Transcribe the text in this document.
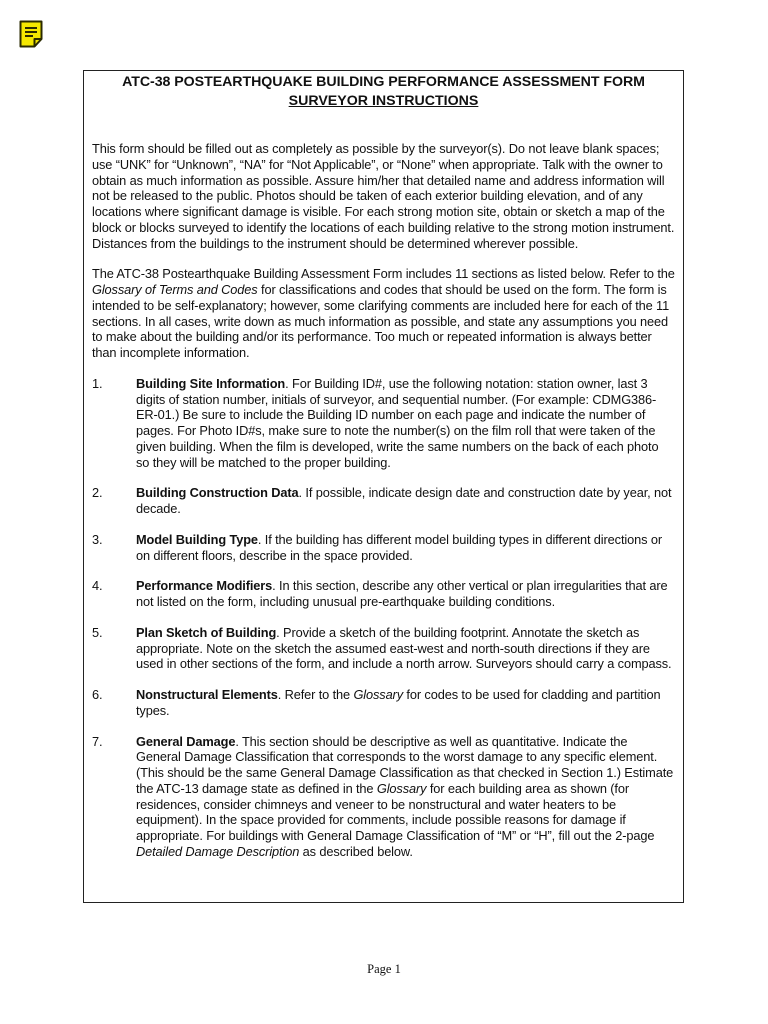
ATC-38 POSTEARTHQUAKE BUILDING PERFORMANCE ASSESSMENT FORM
SURVEYOR INSTRUCTIONS

This form should be filled out as completely as possible by the surveyor(s). Do not leave blank spaces; use “UNK” for “Unknown”, “NA” for “Not Applicable”, or “None” when appropriate. Talk with the owner to obtain as much information as possible. Assure him/her that detailed name and address information will not be released to the public. Photos should be taken of each exterior building elevation, and of any locations where significant damage is visible. For each strong motion site, obtain or sketch a map of the block or blocks surveyed to identify the locations of each building relative to the strong motion instrument. Distances from the buildings to the instrument should be determined wherever possible.

The ATC-38 Postearthquake Building Assessment Form includes 11 sections as listed below. Refer to the Glossary of Terms and Codes for classifications and codes that should be used on the form. The form is intended to be self-explanatory; however, some clarifying comments are included here for each of the 11 sections. In all cases, write down as much information as possible, and state any assumptions you need to make about the building and/or its performance. Too much or repeated information is always better than incomplete information.

1.	Building Site Information. For Building ID#, use the following notation: station owner, last 3 digits of station number, initials of surveyor, and sequential number. (For example: CDMG386-ER-01.) Be sure to include the Building ID number on each page and indicate the number of pages. For Photo ID#s, make sure to note the number(s) on the film roll that were taken of the given building. When the film is developed, write the same numbers on the back of each photo so they will be matched to the proper building.
2.	Building Construction Data. If possible, indicate design date and construction date by year, not decade.
3.	Model Building Type. If the building has different model building types in different directions or on different floors, describe in the space provided.
4.	Performance Modifiers. In this section, describe any other vertical or plan irregularities that are not listed on the form, including unusual pre-earthquake building conditions.
5.	Plan Sketch of Building. Provide a sketch of the building footprint. Annotate the sketch as appropriate. Note on the sketch the assumed east-west and north-south directions if they are used in other sections of the form, and include a north arrow. Surveyors should carry a compass.
6.	Nonstructural Elements. Refer to the Glossary for codes to be used for cladding and partition types.
7.	General Damage. This section should be descriptive as well as quantitative. Indicate the General Damage Classification that corresponds to the worst damage to any specific element. (This should be the same General Damage Classification as that checked in Section 1.) Estimate the ATC-13 damage state as defined in the Glossary for each building area as shown (for residences, consider chimneys and veneer to be nonstructural and water heaters to be equipment). In the space provided for comments, include possible reasons for damage if appropriate. For buildings with General Damage Classification of “M” or “H”, fill out the 2-page Detailed Damage Description as described below.
Page 1
